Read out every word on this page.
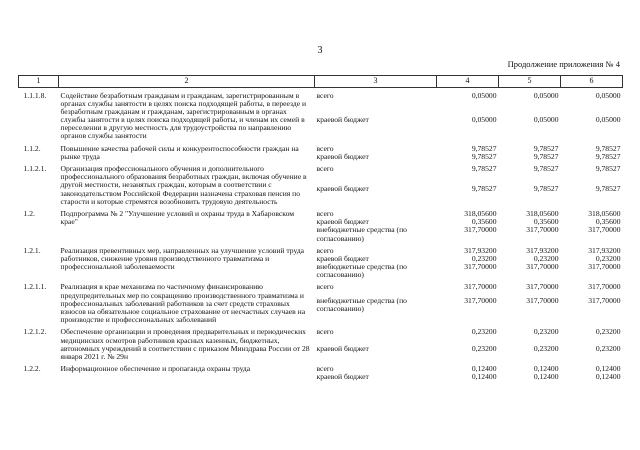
3
Продолжение приложения № 4
1	2	3	4	5	6

1.1.1.8.	Содействие безработным гражданам и гражданам, зарегистрированным в органах службы занятости в целях поиска подходящей работы, в переезде и безработным гражданам и гражданам, зарегистрированным в органах службы занятости в целях поиска подходящей работы, и членам их семей в переселении в другую местность для трудоустройства по направлению органов службы занятости	всего	0,05000	0,05000	0,05000
		краевой бюджет	0,05000	0,05000	0,05000

1.1.2.	Повышение качества рабочей силы и конкурентоспособности граждан на рынке труда	всего	9,78527	9,78527	9,78527
		краевой бюджет	9,78527	9,78527	9,78527

1.1.2.1.	Организация профессионального обучения и дополнительного профессионального образования безработных граждан, включая обучение в другой местности, незанятых граждан, которым в соответствии с законодательством Российской Федерации назначена страховая пенсия по старости и которые стремятся возобновить трудовую деятельность	всего	9,78527	9,78527	9,78527
		краевой бюджет	9,78527	9,78527	9,78527

1.2.	Подпрограмма № 2 "Улучшение условий и охраны труда в Хабаровском крае"	всего	318,05600	318,05600	318,05600
		краевой бюджет	0,35600	0,35600	0,35600
		внебюджетные средства (по согласованию)	317,70000	317,70000	317,70000

1.2.1.	Реализация превентивных мер, направленных на улучшение условий труда работников, снижение уровня производственного травматизма и профессиональной заболеваемости	всего	317,93200	317,93200	317,93200
		краевой бюджет	0,23200	0,23200	0,23200
		внебюджетные средства (по согласованию)	317,70000	317,70000	317,70000

1.2.1.1.	Реализация в крае механизма по частичному финансированию предупредительных мер по сокращению производственного травматизма и профессиональных заболеваний работников за счет средств страховых взносов на обязательное социальное страхование от несчастных случаев на производстве и профессиональных заболеваний	всего	317,70000	317,70000	317,70000
		внебюджетные средства (по согласованию)	317,70000	317,70000	317,70000

1.2.1.2.	Обеспечение организации и проведения предварительных и периодических медицинских осмотров работников красных казенных, бюджетных, автономных учреждений в соответствии с приказом Минздрава России от 28 января 2021 г. № 29н	всего	0,23200	0,23200	0,23200
		краевой бюджет	0,23200	0,23200	0,23200

1.2.2.	Информационное обеспечение и пропаганда охраны труда	всего	0,12400	0,12400	0,12400
		краевой бюджет	0,12400	0,12400	0,12400
